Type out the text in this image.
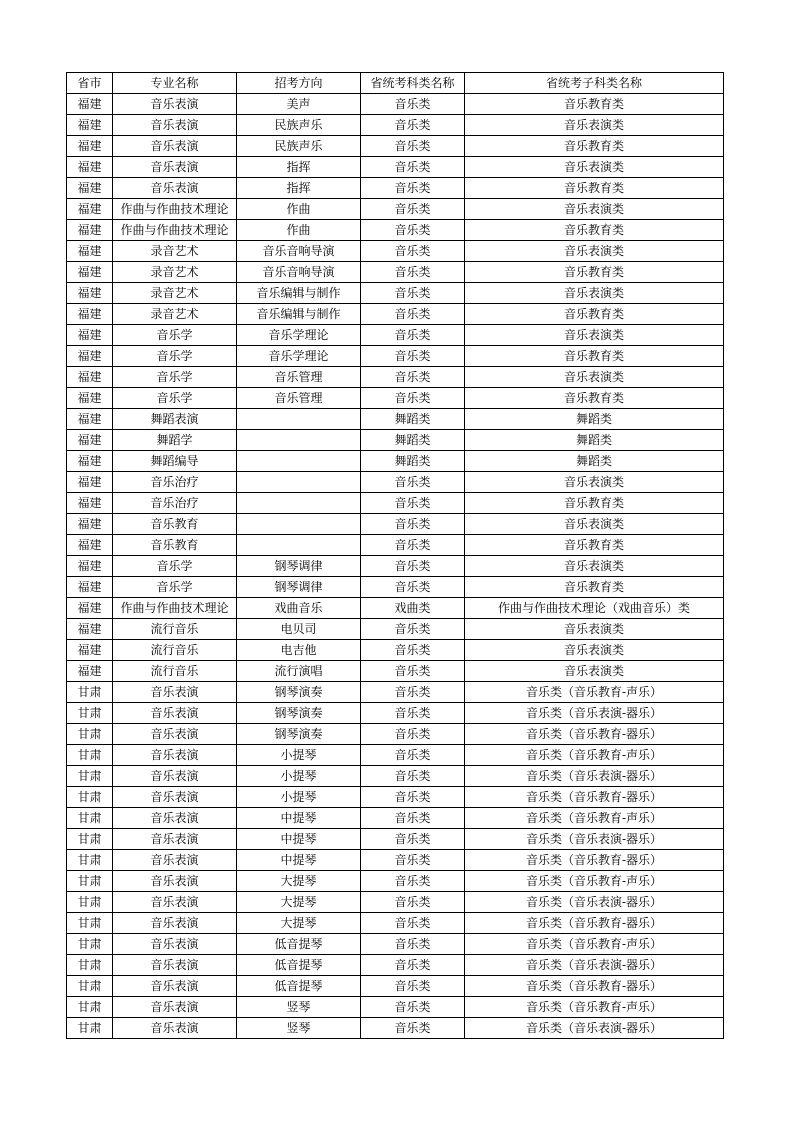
省市	专业名称	招考方向	省统考科类名称	省统考子科类名称
福建	音乐表演	美声	音乐类	音乐教育类
福建	音乐表演	民族声乐	音乐类	音乐表演类
福建	音乐表演	民族声乐	音乐类	音乐教育类
福建	音乐表演	指挥	音乐类	音乐表演类
福建	音乐表演	指挥	音乐类	音乐教育类
福建	作曲与作曲技术理论	作曲	音乐类	音乐表演类
福建	作曲与作曲技术理论	作曲	音乐类	音乐教育类
福建	录音艺术	音乐音响导演	音乐类	音乐表演类
福建	录音艺术	音乐音响导演	音乐类	音乐教育类
福建	录音艺术	音乐编辑与制作	音乐类	音乐表演类
福建	录音艺术	音乐编辑与制作	音乐类	音乐教育类
福建	音乐学	音乐学理论	音乐类	音乐表演类
福建	音乐学	音乐学理论	音乐类	音乐教育类
福建	音乐学	音乐管理	音乐类	音乐表演类
福建	音乐学	音乐管理	音乐类	音乐教育类
福建	舞蹈表演		舞蹈类	舞蹈类
福建	舞蹈学		舞蹈类	舞蹈类
福建	舞蹈编导		舞蹈类	舞蹈类
福建	音乐治疗		音乐类	音乐表演类
福建	音乐治疗		音乐类	音乐教育类
福建	音乐教育		音乐类	音乐表演类
福建	音乐教育		音乐类	音乐教育类
福建	音乐学	钢琴调律	音乐类	音乐表演类
福建	音乐学	钢琴调律	音乐类	音乐教育类
福建	作曲与作曲技术理论	戏曲音乐	戏曲类	作曲与作曲技术理论（戏曲音乐）类
福建	流行音乐	电贝司	音乐类	音乐表演类
福建	流行音乐	电吉他	音乐类	音乐表演类
福建	流行音乐	流行演唱	音乐类	音乐表演类
甘肃	音乐表演	钢琴演奏	音乐类	音乐类（音乐教育-声乐）
甘肃	音乐表演	钢琴演奏	音乐类	音乐类（音乐表演-器乐）
甘肃	音乐表演	钢琴演奏	音乐类	音乐类（音乐教育-器乐）
甘肃	音乐表演	小提琴	音乐类	音乐类（音乐教育-声乐）
甘肃	音乐表演	小提琴	音乐类	音乐类（音乐表演-器乐）
甘肃	音乐表演	小提琴	音乐类	音乐类（音乐教育-器乐）
甘肃	音乐表演	中提琴	音乐类	音乐类（音乐教育-声乐）
甘肃	音乐表演	中提琴	音乐类	音乐类（音乐表演-器乐）
甘肃	音乐表演	中提琴	音乐类	音乐类（音乐教育-器乐）
甘肃	音乐表演	大提琴	音乐类	音乐类（音乐教育-声乐）
甘肃	音乐表演	大提琴	音乐类	音乐类（音乐表演-器乐）
甘肃	音乐表演	大提琴	音乐类	音乐类（音乐教育-器乐）
甘肃	音乐表演	低音提琴	音乐类	音乐类（音乐教育-声乐）
甘肃	音乐表演	低音提琴	音乐类	音乐类（音乐表演-器乐）
甘肃	音乐表演	低音提琴	音乐类	音乐类（音乐教育-器乐）
甘肃	音乐表演	竖琴	音乐类	音乐类（音乐教育-声乐）
甘肃	音乐表演	竖琴	音乐类	音乐类（音乐表演-器乐）
